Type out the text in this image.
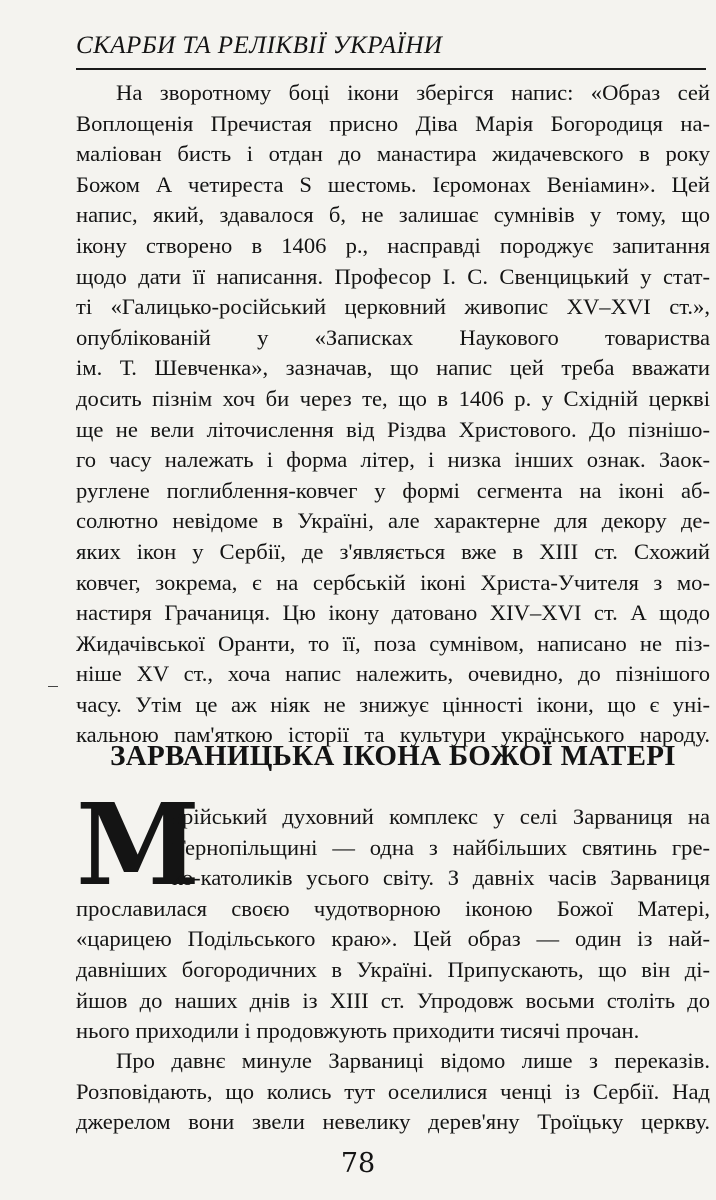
СКАРБИ ТА РЕЛІКВІЇ УКРАЇНИ
На зворотному боці ікони зберігся напис: «Образ сей
Воплощенія Пречистая присно Діва Марія Богородиця на-
малiован бисть і отдан до манастира жидачевского в року
Божом А четиреста S шестомь. Ієромонах Веніамин». Цей
напис, який, здавалося б, не залишає сумнівів у тому, що
ікону створено в 1406 р., насправді породжує запитання
щодо дати її написання. Професор І. С. Свенцицький у стат-
ті «Галицько-російський церковний живопис XV–XVI ст.»,
опублікованій у «Записках Наукового товариства
ім. Т. Шевченка», зазначав, що напис цей треба вважати
досить пізнім хоч би через те, що в 1406 р. у Східній церкві
ще не вели літочислення від Різдва Христового. До пізнішо-
го часу належать і форма літер, і низка інших ознак. Заок-
руглене поглиблення-ковчег у формі сегмента на іконі аб-
солютно невідоме в Україні, але характерне для декору де-
яких ікон у Сербії, де з'являється вже в XIII ст. Схожий
ковчег, зокрема, є на сербській іконі Христа-Учителя з мо-
настиря Грачаниця. Цю ікону датовано XIV–XVI ст. А щодо
Жидачівської Оранти, то її, поза сумнівом, написано не пiз-
ніше XV ст., хоча напис належить, очевидно, до пізнішого
часу. Утім це аж ніяк не знижує цінності ікони, що є уні-
кальною пам'яткою історії та культури українського народу.
ЗАРВАНИЦЬКА ІКОНА БОЖОЇ МАТЕРІ
М
арійський духовний комплекс у селі Зарваниця на
Тернопільщині — одна з найбільших святинь гре-
ко-католиків усього світу. З давніх часів Зарваниця
прославилася своєю чудотворною іконою Божої Матері,
«царицею Подільського краю». Цей образ — один із най-
давніших богородичних в Україні. Припускають, що він ді-
йшов до наших днів із XIII ст. Упродовж восьми століть до
нього приходили і продовжують приходити тисячі прочан.
Про давнє минуле Зарваниці відомо лише з переказів.
Розповідають, що колись тут оселилися ченці із Сербії. Над
джерелом вони звели невелику дерев'яну Троїцьку церкву.
78
